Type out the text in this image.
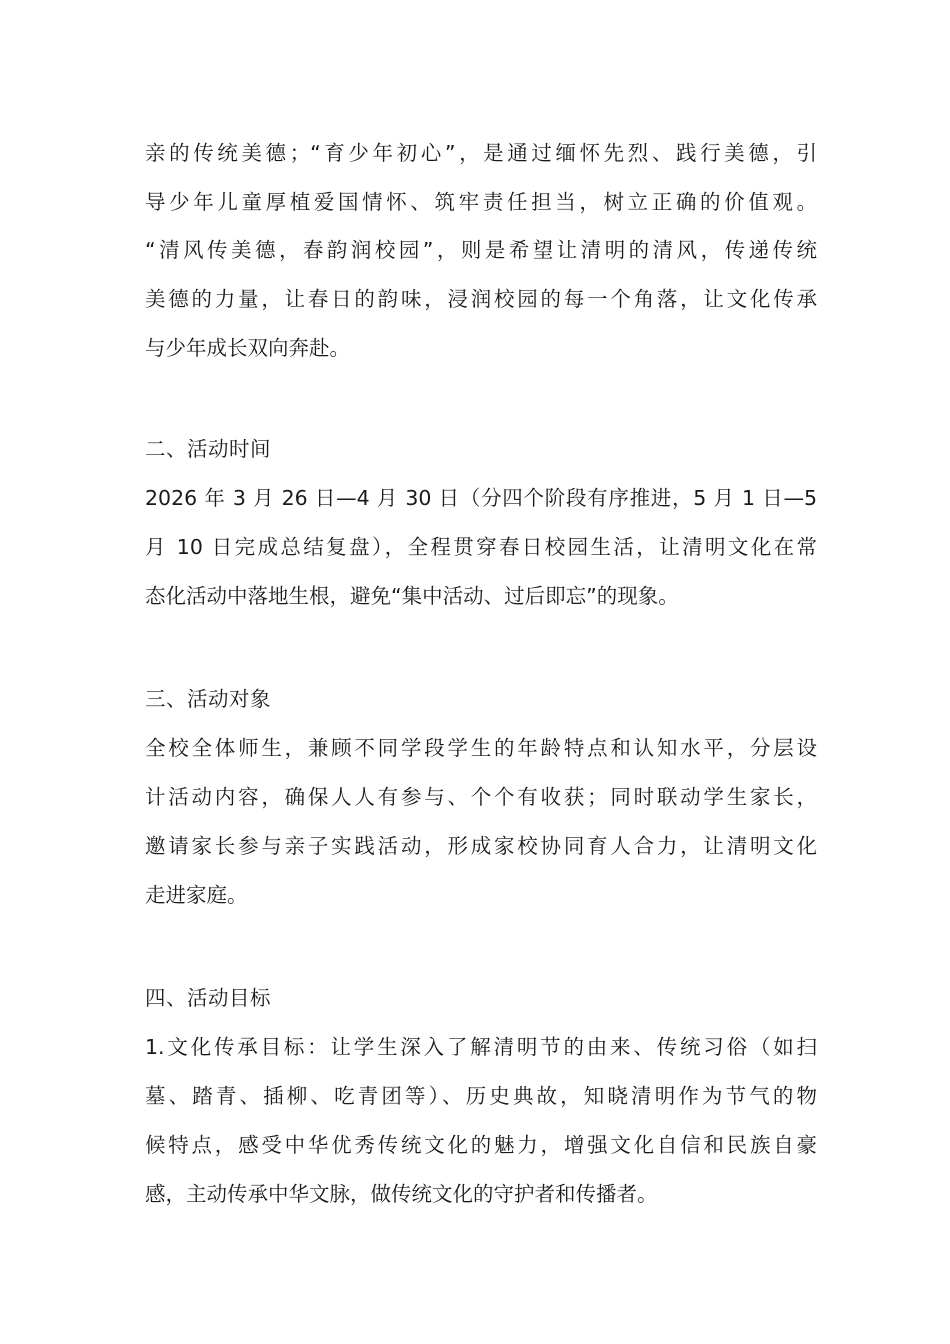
亲的传统美德；“育少年初心”，是通过缅怀先烈、践行美德，引
导少年儿童厚植爱国情怀、筑牢责任担当，树立正确的价值观。
“清风传美德，春韵润校园”，则是希望让清明的清风，传递传统
美德的力量，让春日的韵味，浸润校园的每一个角落，让文化传承
与少年成长双向奔赴。
二、活动时间
2026 年 3 月 26 日—4 月 30 日（分四个阶段有序推进，5 月 1 日—5
月 10 日完成总结复盘），全程贯穿春日校园生活，让清明文化在常
态化活动中落地生根，避免“集中活动、过后即忘”的现象。
三、活动对象
全校全体师生，兼顾不同学段学生的年龄特点和认知水平，分层设
计活动内容，确保人人有参与、个个有收获；同时联动学生家长，
邀请家长参与亲子实践活动，形成家校协同育人合力，让清明文化
走进家庭。
四、活动目标
1.文化传承目标：让学生深入了解清明节的由来、传统习俗（如扫
墓、踏青、插柳、吃青团等）、历史典故，知晓清明作为节气的物
候特点，感受中华优秀传统文化的魅力，增强文化自信和民族自豪
感，主动传承中华文脉，做传统文化的守护者和传播者。
